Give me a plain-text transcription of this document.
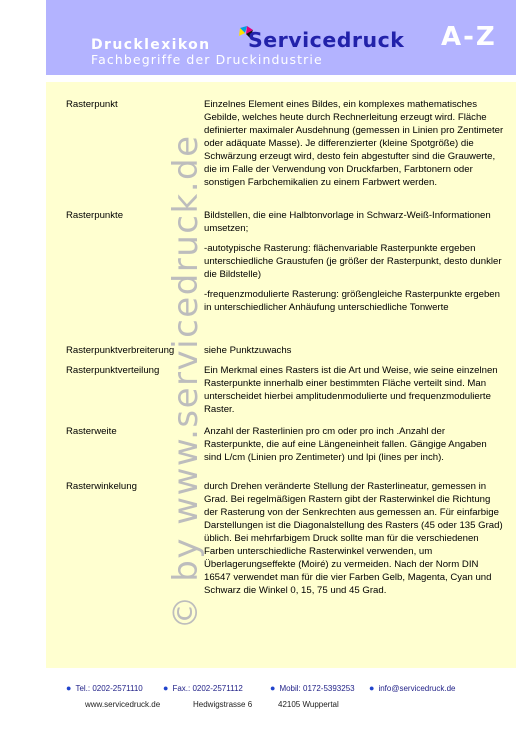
Drucklexikon
Fachbegriffe der Druckindustrie
Servicedruck A-Z
Rasterpunkt	Einzelnes Element eines Bildes, ein komplexes mathematisches Gebilde, welches heute durch Rechnerleitung erzeugt wird. Fläche definierter maximaler Ausdehnung (gemessen in Linien pro Zentimeter oder adäquate Masse). Je differenzierter (kleine Spotgröße) die Schwärzung erzeugt wird, desto fein abgestufter sind die Grauwerte, die im Falle der Verwendung von Druckfarben, Farbtonern oder sonstigen Farbchemikalien zu einem Farbwert werden.

Rasterpunkte	Bildstellen, die eine Halbtonvorlage in Schwarz-Weiß-Informationen umsetzen;

-autotypische Rasterung: flächenvariable Rasterpunkte ergeben unterschiedliche Graustufen (je größer der Rasterpunkt, desto dunkler die Bildstelle)

-frequenzmodulierte Rasterung: größengleiche Rasterpunkte ergeben in unterschiedlicher Anhäufung unterschiedliche Tonwerte

Rasterpunktverbreiterung	siehe Punktzuwachs

Rasterpunktverteilung	Ein Merkmal eines Rasters ist die Art und Weise, wie seine einzelnen Rasterpunkte innerhalb einer bestimmten Fläche verteilt sind. Man unterscheidet hierbei amplitudenmodulierte und frequenzmodulierte Raster.

Rasterweite	Anzahl der Rasterlinien pro cm oder pro inch .Anzahl der Rasterpunkte, die auf eine Längeneinheit fallen. Gängige Angaben sind L/cm (Linien pro Zentimeter) und lpi (lines per inch).

Rasterwinkelung	durch Drehen veränderte Stellung der Rasterlineatur, gemessen in Grad. Bei regelmäßigen Rastern gibt der Rasterwinkel die Richtung der Rasterung von der Senkrechten aus gemessen an. Für einfarbige Darstellungen ist die Diagonalstellung des Rasters (45 oder 135 Grad) üblich. Bei mehrfarbigem Druck sollte man für die verschiedenen Farben unterschiedliche Rasterwinkel verwenden, um Überlagerungseffekte (Moiré) zu vermeiden. Nach der Norm DIN 16547 verwendet man für die vier Farben Gelb, Magenta, Cyan und Schwarz die Winkel 0, 15, 75 und 45 Grad.

© by www.servicedruck.de
● Tel.: 0202-2571110 ● Fax.: 0202-2571112	● Mobil: 0172-5393253 ● info@servicedruck.de
www.servicedruck.de	Hedwigstrasse 6	42105 Wuppertal
